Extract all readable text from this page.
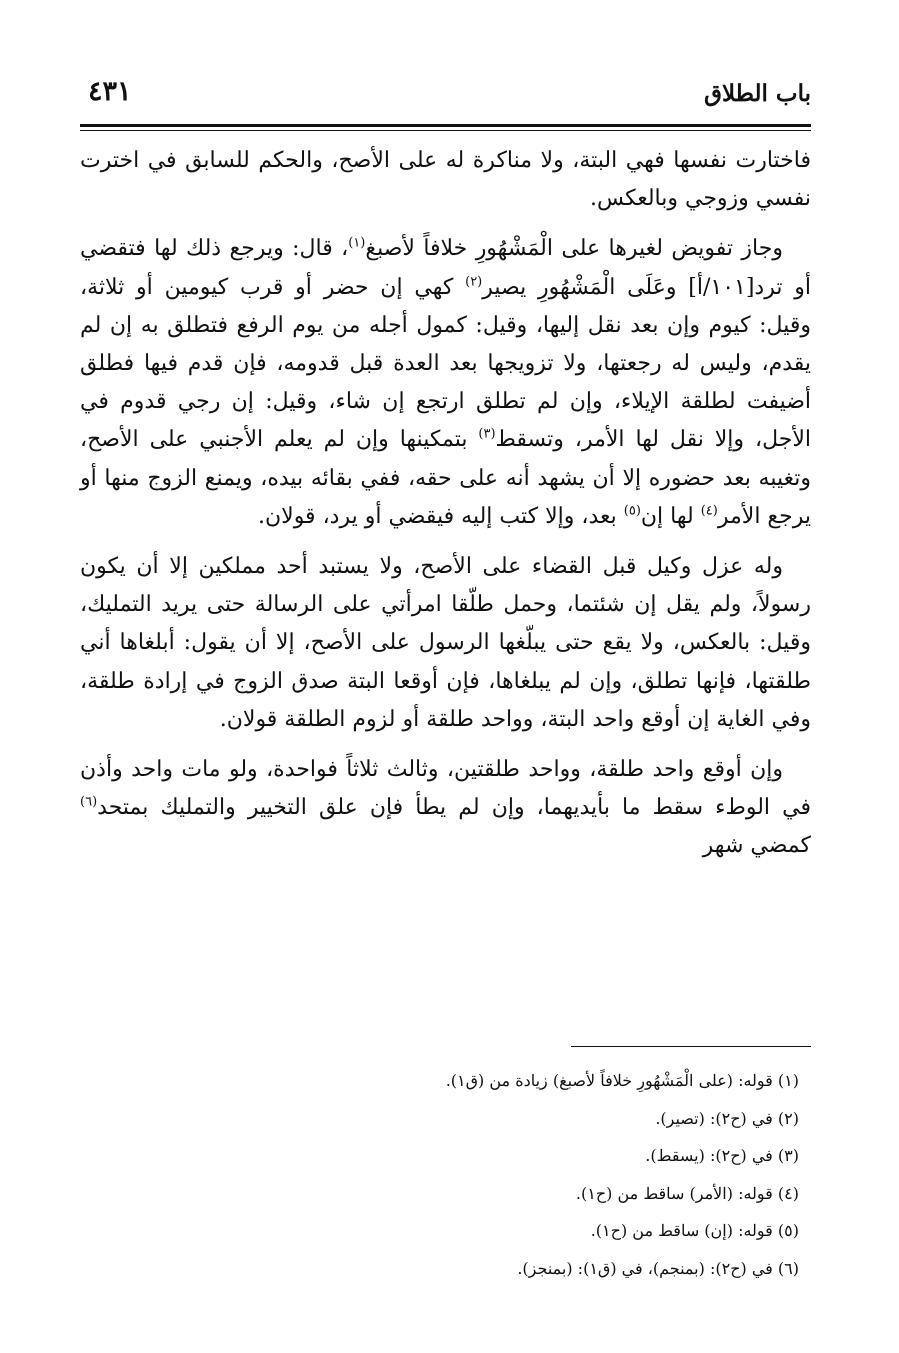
باب الطلاق
٤٣١

فاختارت نفسها فهي البتة، ولا مناكرة له على الأصح، والحكم للسابق في اخترت نفسي وزوجي وبالعكس.

وجاز تفويض لغيرها على الْمَشْهُورِ خلافاً لأصبغ$^{(١)}$، قال: ويرجع ذلك لها فتقضي أو ترد[١٠١/أ] وعَلَى الْمَشْهُورِ يصير$^{(٢)}$ كهي إن حضر أو قرب كيومين أو ثلاثة، وقيل: كيوم وإن بعد نقل إليها، وقيل: كمول أجله من يوم الرفع فتطلق به إن لم يقدم، وليس له رجعتها، ولا تزويجها بعد العدة قبل قدومه، فإن قدم فيها فطلق أضيفت لطلقة الإيلاء، وإن لم تطلق ارتجع إن شاء، وقيل: إن رجي قدوم في الأجل، وإلا نقل لها الأمر، وتسقط$^{(٣)}$ بتمكينها وإن لم يعلم الأجنبي على الأصح، وتغيبه بعد حضوره إلا أن يشهد أنه على حقه، ففي بقائه بيده، ويمنع الزوج منها أو يرجع الأمر$^{(٤)}$ لها إن$^{(٥)}$ بعد، وإلا كتب إليه فيقضي أو يرد، قولان.

وله عزل وكيل قبل القضاء على الأصح، ولا يستبد أحد مملكين إلا أن يكون رسولاً، ولم يقل إن شئتما، وحمل طلّقا امرأتي على الرسالة حتى يريد التمليك، وقيل: بالعكس، ولا يقع حتى يبلّغها الرسول على الأصح، إلا أن يقول: أبلغاها أني طلقتها، فإنها تطلق، وإن لم يبلغاها، فإن أوقعا البتة صدق الزوج في إرادة طلقة، وفي الغاية إن أوقع واحد البتة، وواحد طلقة أو لزوم الطلقة قولان.

وإن أوقع واحد طلقة، وواحد طلقتين، وثالث ثلاثاً فواحدة، ولو مات واحد وأذن في الوطء سقط ما بأيديهما، وإن لم يطأ فإن علق التخيير والتمليك بمتحد$^{(٦)}$ كمضي شهر

(١) قوله: (على الْمَشْهُورِ خلافاً لأصبغ) زيادة من (ق١).
(٢) في (ح٢): (تصير).
(٣) في (ح٢): (يسقط).
(٤) قوله: (الأمر) ساقط من (ح١).
(٥) قوله: (إن) ساقط من (ح١).
(٦) في (ح٢): (بمنجم)، في (ق١): (بمنجز).
